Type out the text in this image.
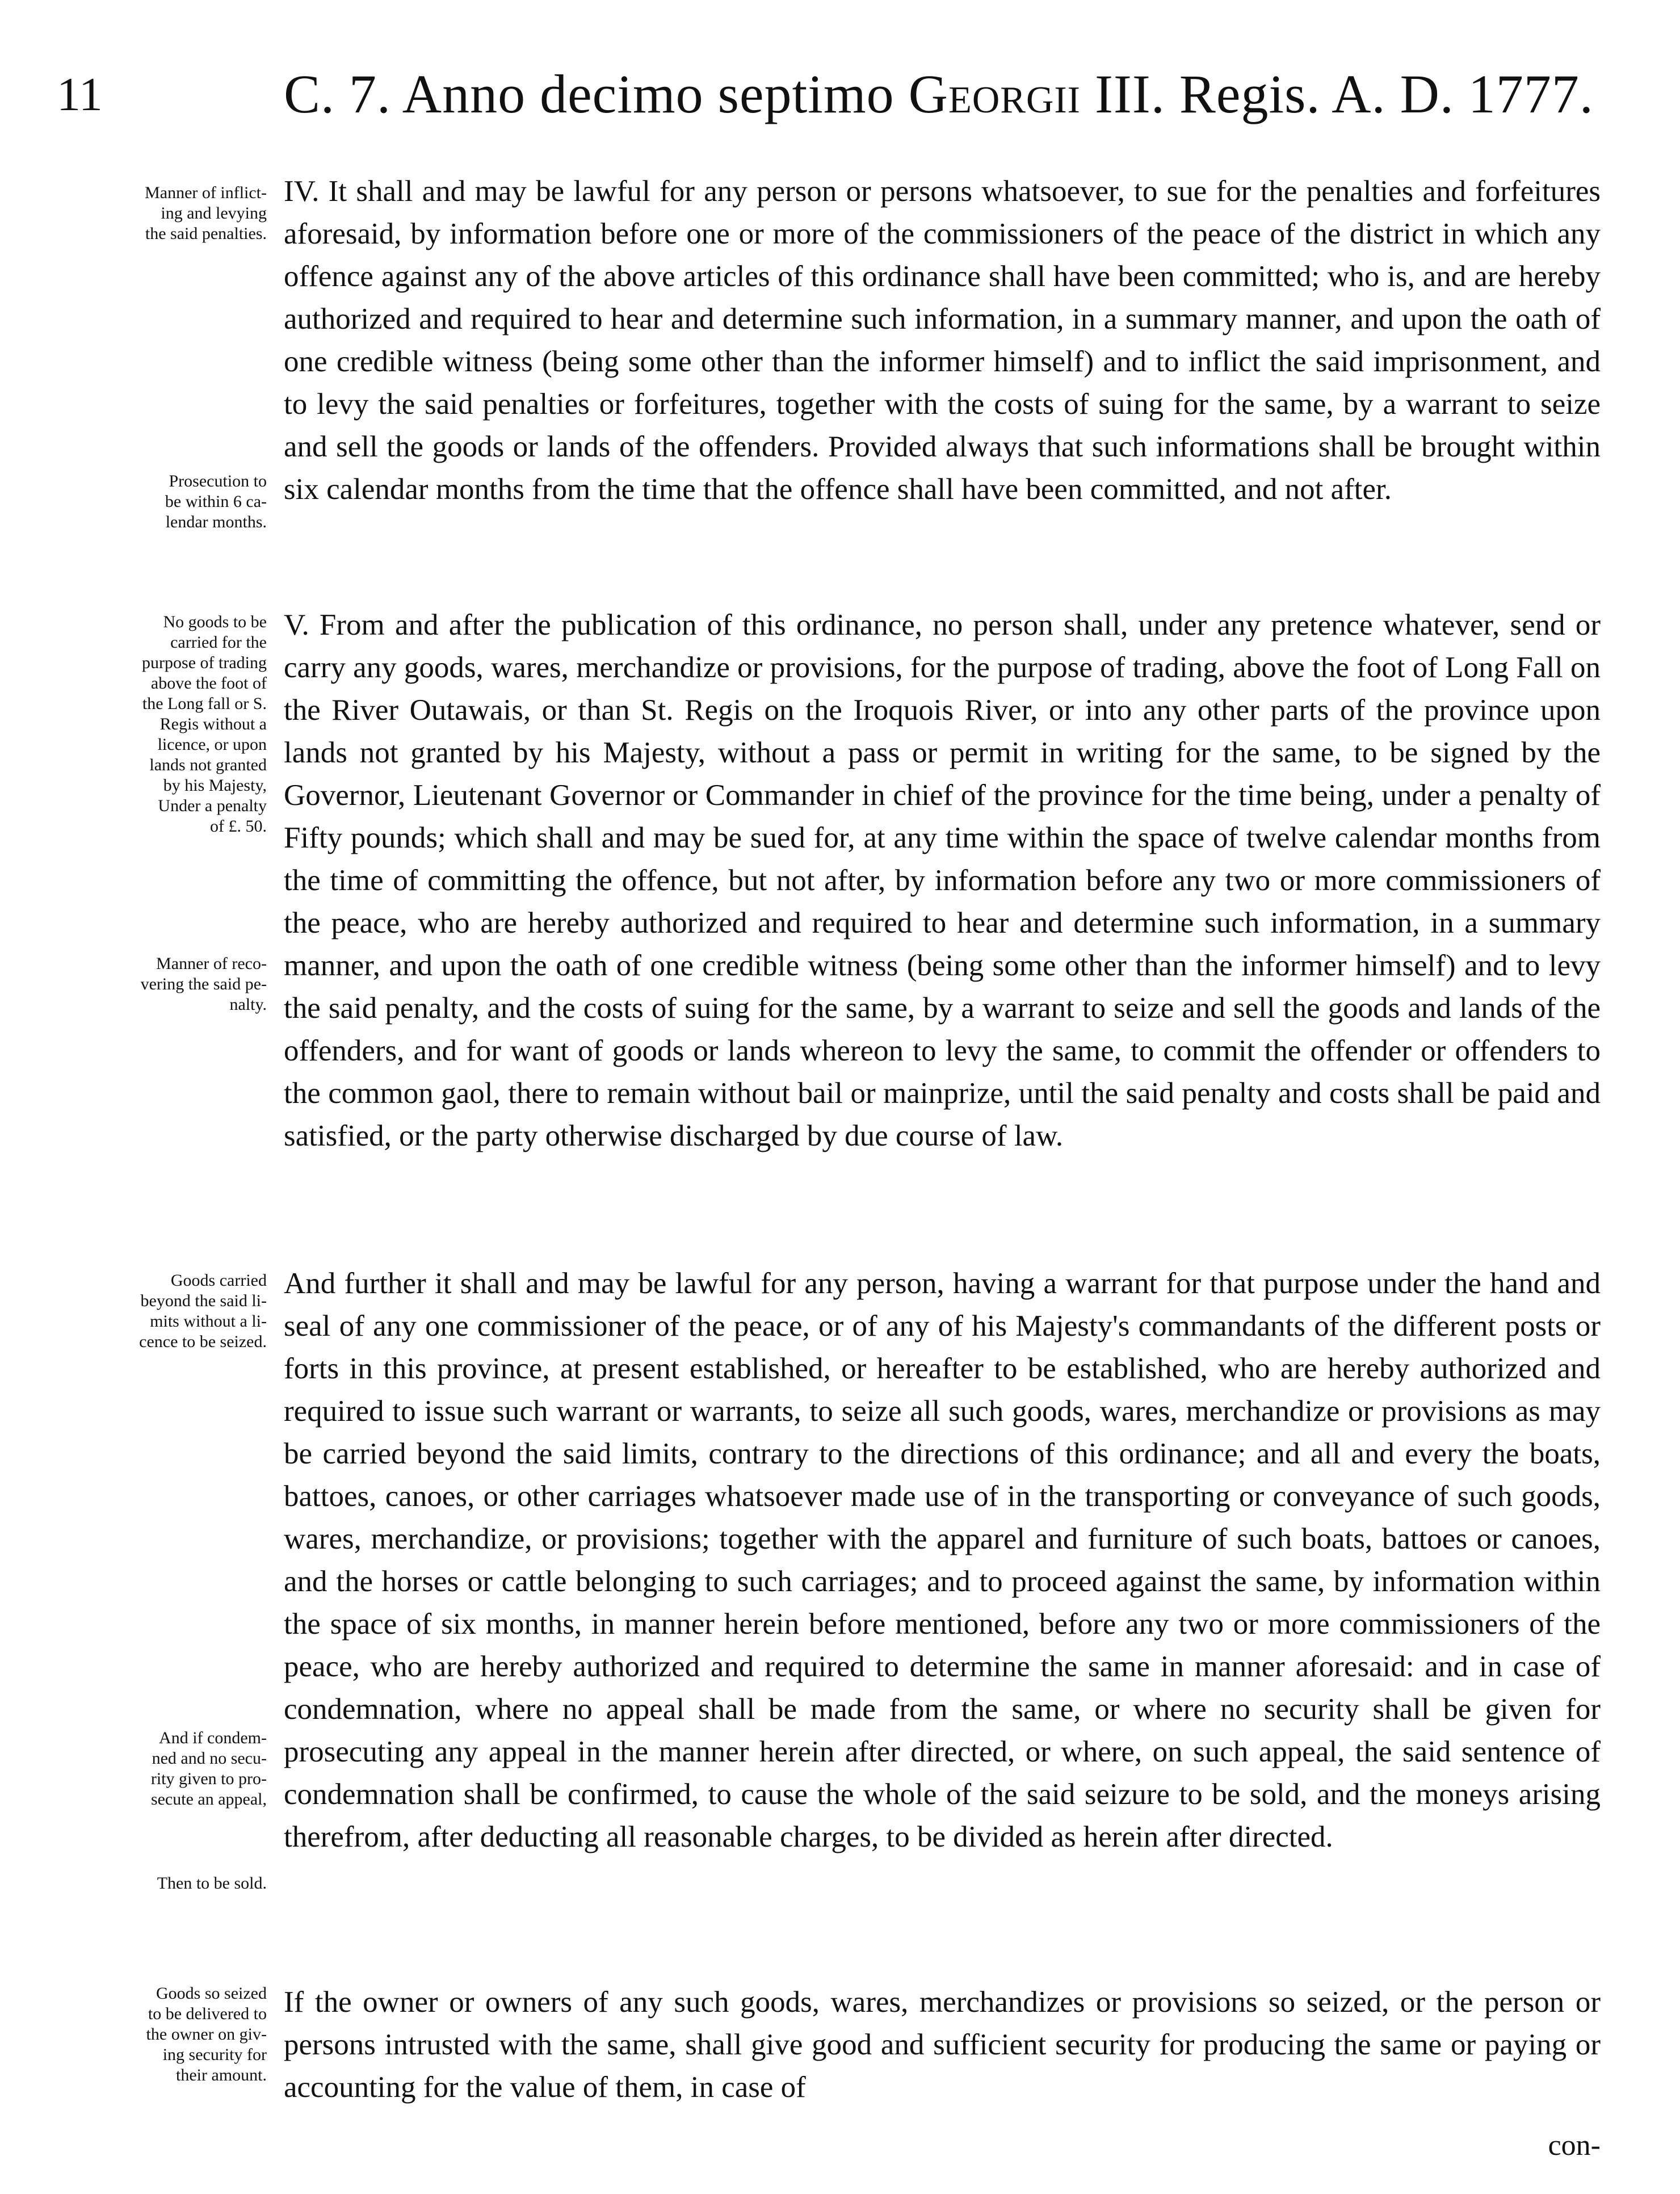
11	C. 7. Anno decimo septimo Georgii III. Regis. A. D. 1777.
Manner of inflict-
ing and levying
the said penalties.
Prosecution to
be within 6 ca-
lendar months.
No goods to be
carried for the
purpose of trading
above the foot of
the Long fall or S.
Regis without a
licence, or upon
lands not granted
by his Majesty,
Under a penalty
of £. 50.
Manner of reco-
vering the said pe-
nalty.
Goods carried
beyond the said li-
mits without a li-
cence to be seized.
And if condem-
ned and no secu-
rity given to pro-
secute an appeal,
Then to be sold.
Goods so seized
to be delivered to
the owner on giv-
ing security for
their amount.
IV. It shall and may be lawful for any person or persons whatsoever, to sue for the penalties and forfeitures aforesaid, by information before one or more of the commissioners of the peace of the district in which any offence against any of the above articles of this ordinance shall have been committed; who is, and are hereby authorized and required to hear and determine such information, in a summary manner, and upon the oath of one credible witness (being some other than the informer himself) and to inflict the said imprisonment, and to levy the said penalties or forfeitures, together with the costs of suing for the same, by a warrant to seize and sell the goods or lands of the offenders. Provided always that such informations shall be brought within six calendar months from the time that the offence shall have been committed, and not after.
V. From and after the publication of this ordinance, no person shall, under any pretence whatever, send or carry any goods, wares, merchandize or provisions, for the purpose of trading, above the foot of Long Fall on the River Outawais, or than St. Regis on the Iroquois River, or into any other parts of the province upon lands not granted by his Majesty, without a pass or permit in writing for the same, to be signed by the Governor, Lieutenant Governor or Commander in chief of the province for the time being, under a penalty of Fifty pounds; which shall and may be sued for, at any time within the space of twelve calendar months from the time of committing the offence, but not after, by information before any two or more commissioners of the peace, who are hereby authorized and required to hear and determine such information, in a summary manner, and upon the oath of one credible witness (being some other than the informer himself) and to levy the said penalty, and the costs of suing for the same, by a warrant to seize and sell the goods and lands of the offenders, and for want of goods or lands whereon to levy the same, to commit the offender or offenders to the common gaol, there to remain without bail or mainprize, until the said penalty and costs shall be paid and satisfied, or the party otherwise discharged by due course of law.
And further it shall and may be lawful for any person, having a warrant for that purpose under the hand and seal of any one commissioner of the peace, or of any of his Majesty's commandants of the different posts or forts in this province, at present established, or hereafter to be established, who are hereby authorized and required to issue such warrant or warrants, to seize all such goods, wares, merchandize or provisions as may be carried beyond the said limits, contrary to the directions of this ordinance; and all and every the boats, battoes, canoes, or other carriages whatsoever made use of in the transporting or conveyance of such goods, wares, merchandize, or provisions; together with the apparel and furniture of such boats, battoes or canoes, and the horses or cattle belonging to such carriages; and to proceed against the same, by information within the space of six months, in manner herein before mentioned, before any two or more commissioners of the peace, who are hereby authorized and required to determine the same in manner aforesaid: and in case of condemnation, where no appeal shall be made from the same, or where no security shall be given for prosecuting any appeal in the manner herein after directed, or where, on such appeal, the said sentence of condemnation shall be confirmed, to cause the whole of the said seizure to be sold, and the moneys arising therefrom, after deducting all reasonable charges, to be divided as herein after directed.
If the owner or owners of any such goods, wares, merchandizes or provisions so seized, or the person or persons intrusted with the same, shall give good and sufficient security for producing the same or paying or accounting for the value of them, in case of
con-
